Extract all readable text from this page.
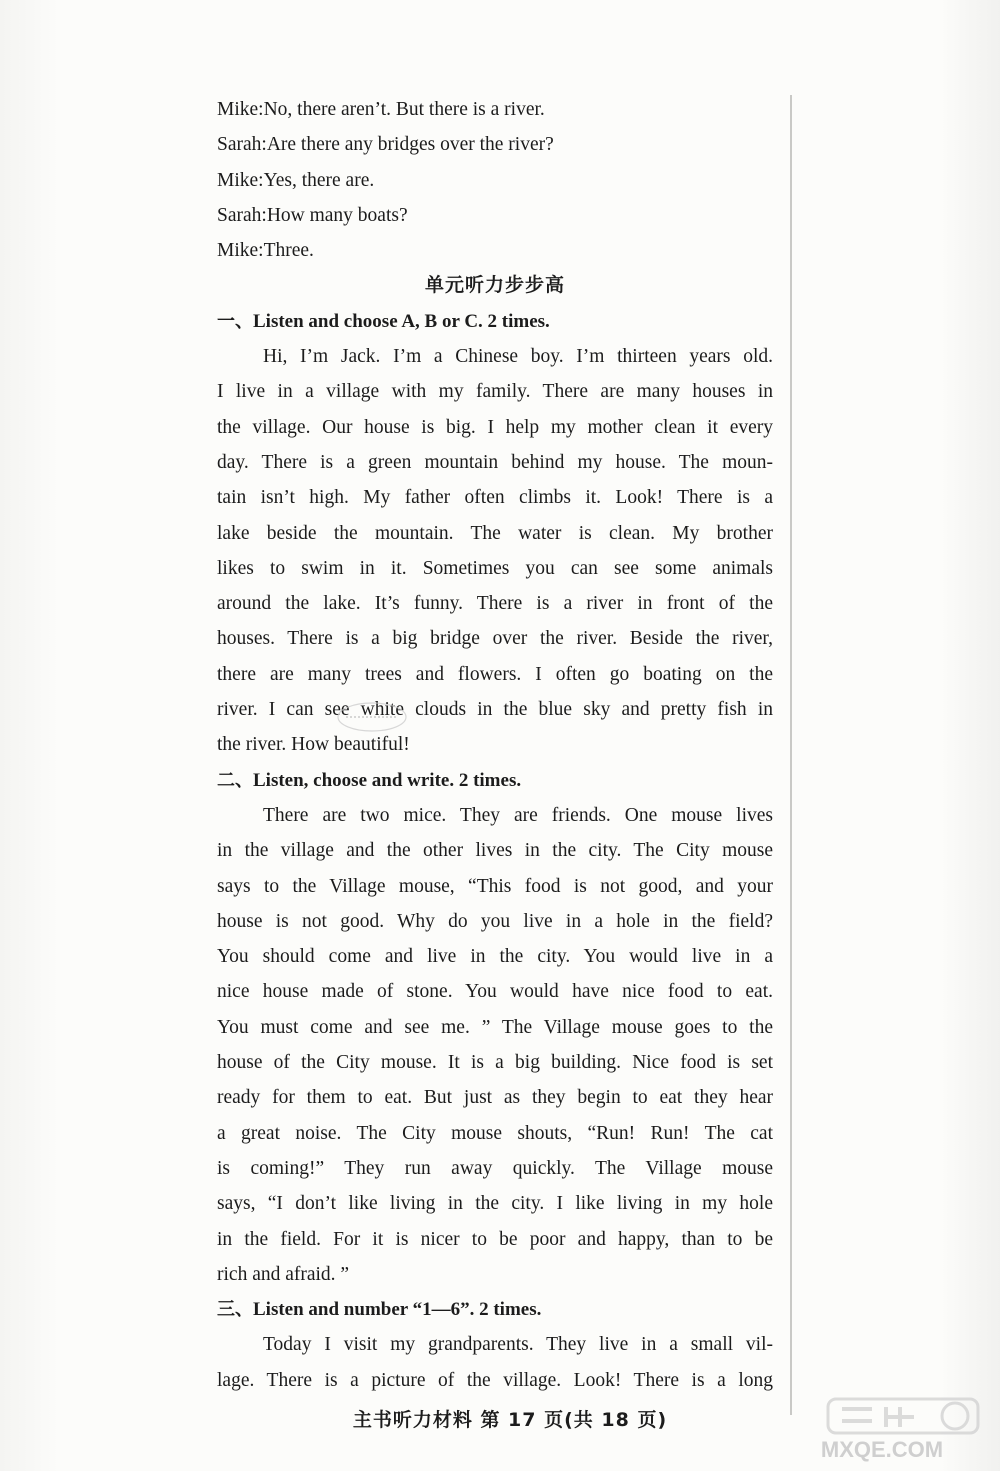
Mike:No, there aren’t. But there is a river.
Sarah:Are there any bridges over the river?
Mike:Yes, there are.
Sarah:How many boats?
Mike:Three.
单元听力步步高
一、Listen and choose A, B or C. 2 times.
Hi, I’m Jack. I’m a Chinese boy. I’m thirteen years old.
I live in a village with my family. There are many houses in
the village. Our house is big. I help my mother clean it every
day. There is a green mountain behind my house. The moun-
tain isn’t high. My father often climbs it. Look! There is a
lake beside the mountain. The water is clean. My brother
likes to swim in it. Sometimes you can see some animals
around the lake. It’s funny. There is a river in front of the
houses. There is a big bridge over the river. Beside the river,
there are many trees and flowers. I often go boating on the
river. I can see white clouds in the blue sky and pretty fish in
the river. How beautiful!
二、Listen, choose and write. 2 times.
There are two mice. They are friends. One mouse lives
in the village and the other lives in the city. The City mouse
says to the Village mouse, “This food is not good, and your
house is not good. Why do you live in a hole in the field?
You should come and live in the city. You would live in a
nice house made of stone. You would have nice food to eat.
You must come and see me. ” The Village mouse goes to the
house of the City mouse. It is a big building. Nice food is set
ready for them to eat. But just as they begin to eat they hear
a great noise. The City mouse shouts, “Run! Run! The cat
is coming!” They run away quickly. The Village mouse
says, “I don’t like living in the city. I like living in my hole
in the field. For it is nicer to be poor and happy, than to be
rich and afraid. ”
三、Listen and number “1—6”. 2 times.
Today I visit my grandparents. They live in a small vil-
lage. There is a picture of the village. Look! There is a long
主书听力材料 第 17 页(共 18 页)
MXQE.COM
